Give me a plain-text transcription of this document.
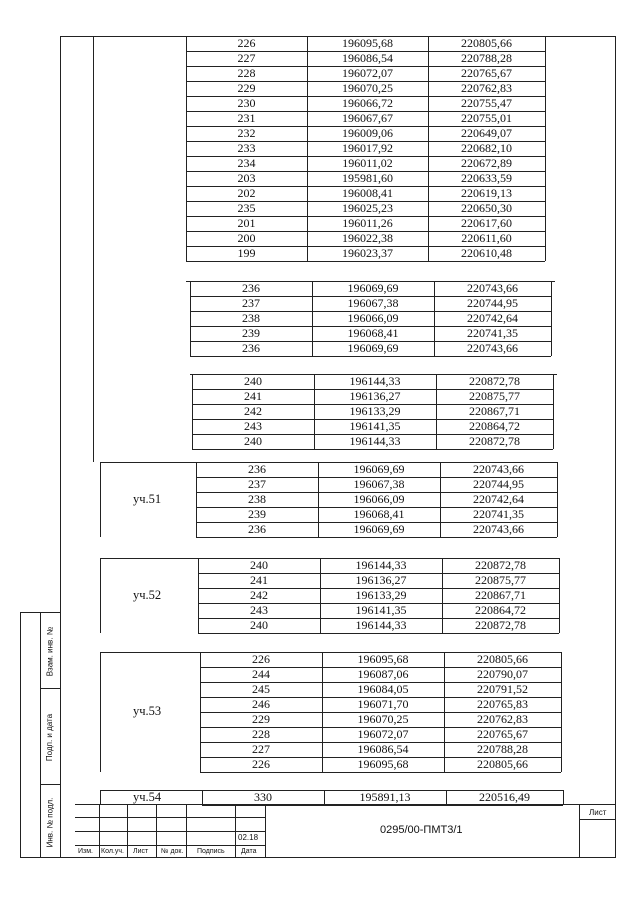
Взам. инв. №
Подп. и дата
Инв. № подл.
226	196095,68	220805,66
227	196086,54	220788,28
228	196072,07	220765,67
229	196070,25	220762,83
230	196066,72	220755,47
231	196067,67	220755,01
232	196009,06	220649,07
233	196017,92	220682,10
234	196011,02	220672,89
203	195981,60	220633,59
202	196008,41	220619,13
235	196025,23	220650,30
201	196011,26	220617,60
200	196022,38	220611,60
199	196023,37	220610,48
236	196069,69	220743,66
237	196067,38	220744,95
238	196066,09	220742,64
239	196068,41	220741,35
236	196069,69	220743,66
240	196144,33	220872,78
241	196136,27	220875,77
242	196133,29	220867,71
243	196141,35	220864,72
240	196144,33	220872,78
236	196069,69	220743,66
237	196067,38	220744,95
238	196066,09	220742,64
239	196068,41	220741,35
236	196069,69	220743,66
уч.51
240	196144,33	220872,78
241	196136,27	220875,77
242	196133,29	220867,71
243	196141,35	220864,72
240	196144,33	220872,78
уч.52
226	196095,68	220805,66
244	196087,06	220790,07
245	196084,05	220791,52
246	196071,70	220765,83
229	196070,25	220762,83
228	196072,07	220765,67
227	196086,54	220788,28
226	196095,68	220805,66
уч.53
330	195891,13	220516,49
уч.54
Изм. Кол.уч. Лист № док. Подпись Дата
02.18
Лист
0295/00-ПМТ3/1
